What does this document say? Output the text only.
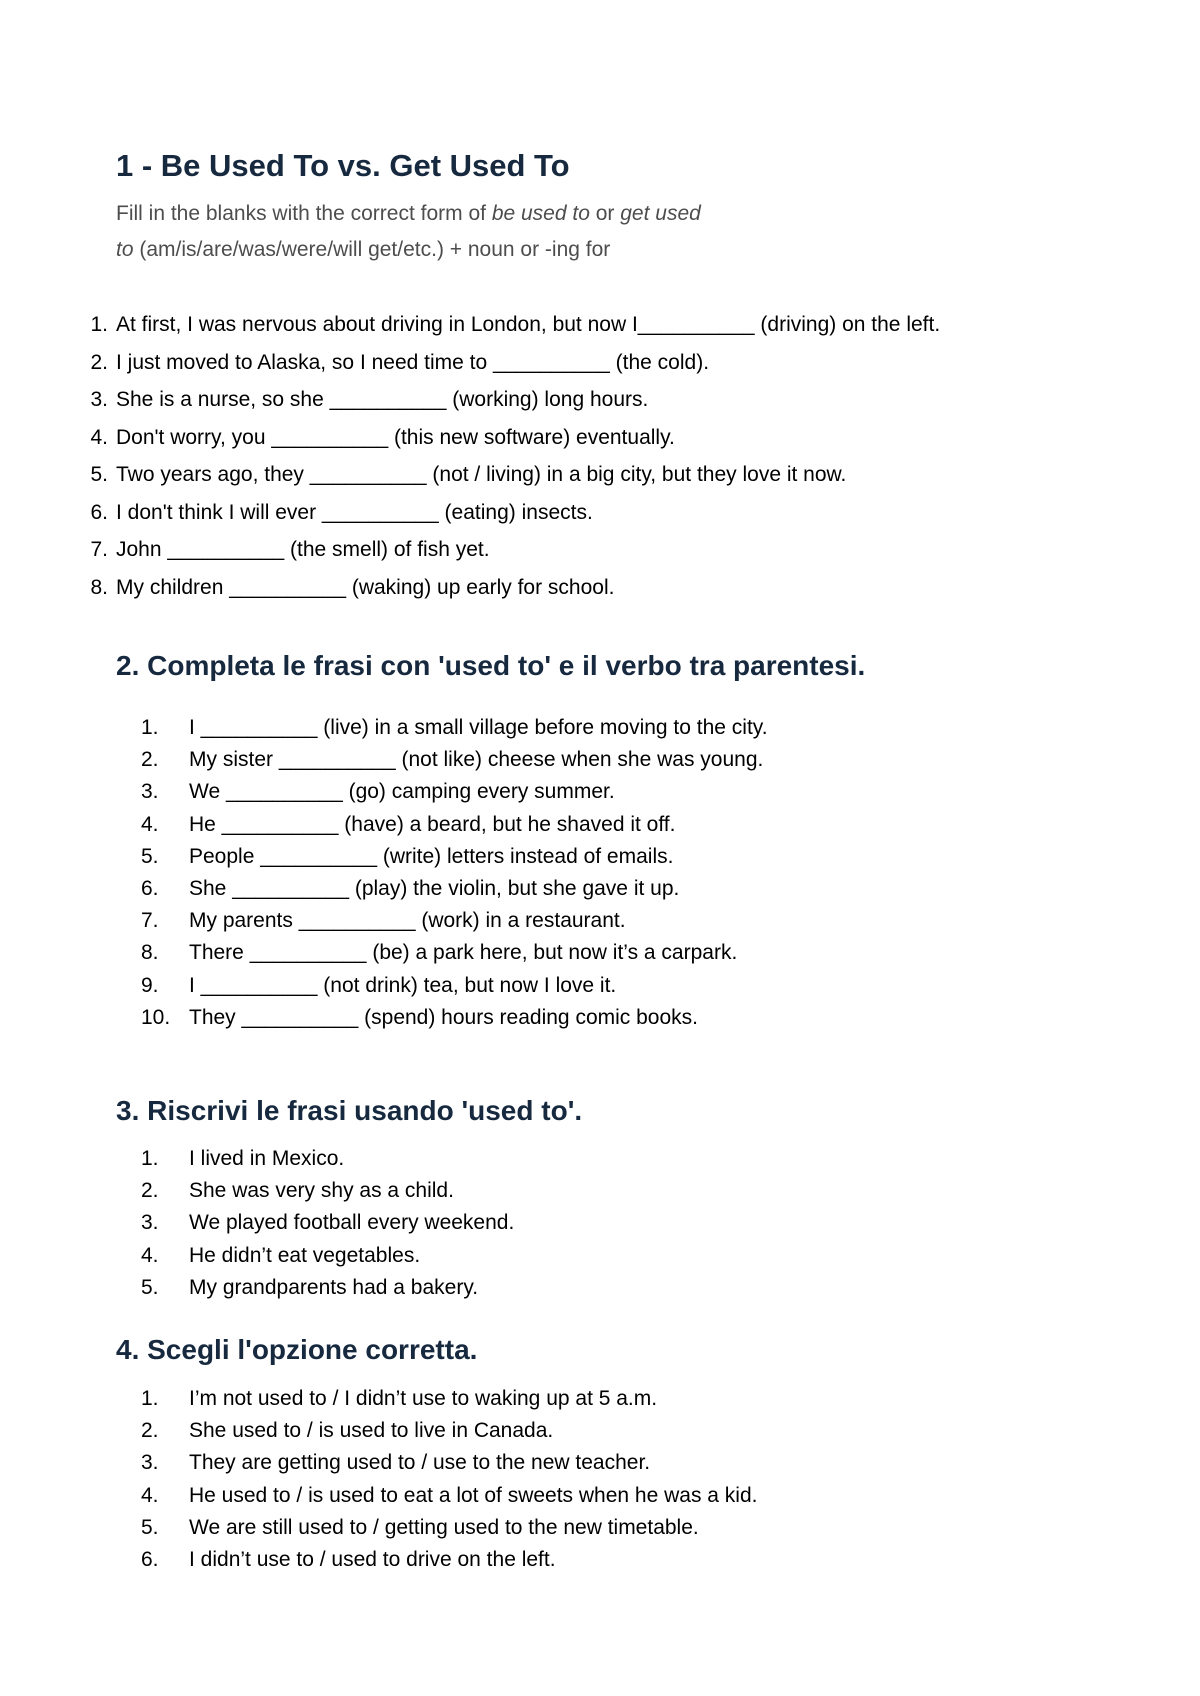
1 - Be Used To vs. Get Used To

Fill in the blanks with the correct form of be used to or get used
to (am/is/are/was/were/will get/etc.) + noun or -ing for

1. At first, I was nervous about driving in London, but now I__________ (driving) on the left.
2. I just moved to Alaska, so I need time to __________ (the cold).
3. She is a nurse, so she __________ (working) long hours.
4. Don't worry, you __________ (this new software) eventually.
5. Two years ago, they __________ (not / living) in a big city, but they love it now.
6. I don't think I will ever __________ (eating) insects.
7. John __________ (the smell) of fish yet.
8. My children __________ (waking) up early for school.
2. Completa le frasi con 'used to' e il verbo tra parentesi.
1.	I __________ (live) in a small village before moving to the city.
2.	My sister __________ (not like) cheese when she was young.
3.	We __________ (go) camping every summer.
4.	He __________ (have) a beard, but he shaved it off.
5.	People __________ (write) letters instead of emails.
6.	She __________ (play) the violin, but she gave it up.
7.	My parents __________ (work) in a restaurant.
8.	There __________ (be) a park here, but now it’s a carpark.
9.	I __________ (not drink) tea, but now I love it.
10. They __________ (spend) hours reading comic books.
3. Riscrivi le frasi usando 'used to'.
1.	I lived in Mexico.
2.	She was very shy as a child.
3.	We played football every weekend.
4.	He didn’t eat vegetables.
5.	My grandparents had a bakery.
4. Scegli l'opzione corretta.
1.	I’m not used to / I didn’t use to waking up at 5 a.m.
2.	She used to / is used to live in Canada.
3.	They are getting used to / use to the new teacher.
4.	He used to / is used to eat a lot of sweets when he was a kid.
5.	We are still used to / getting used to the new timetable.
6.	I didn’t use to / used to drive on the left.
